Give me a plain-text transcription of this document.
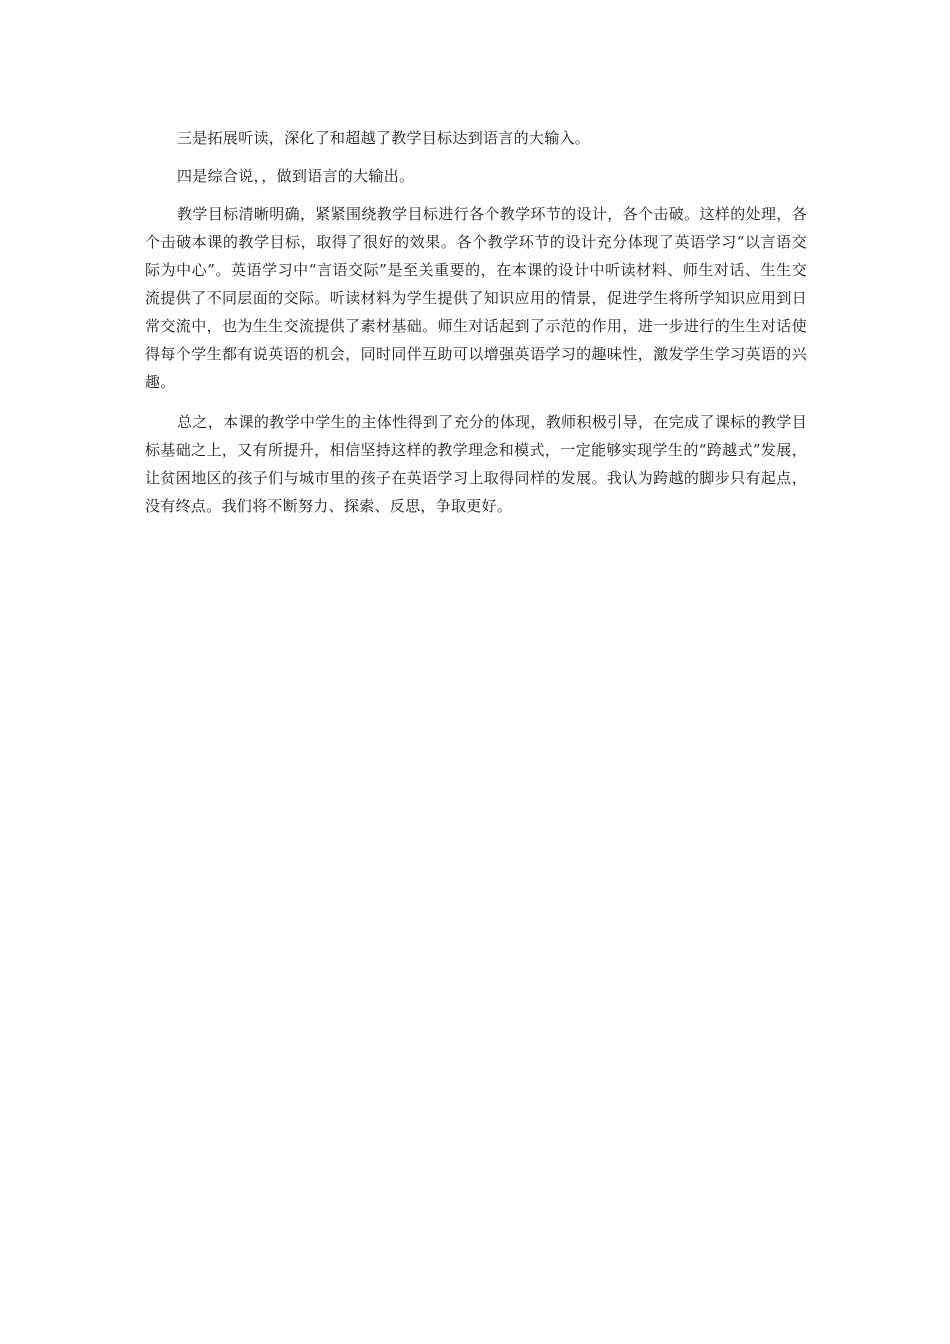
三是拓展听读，深化了和超越了教学目标达到语言的大输入。

四是综合说，，做到语言的大输出。

教学目标清晰明确，紧紧围绕教学目标进行各个教学环节的设计，各个击破。这样的处理，各个击破本课的教学目标，取得了很好的效果。各个教学环节的设计充分体现了英语学习“以言语交际为中心”。英语学习中“言语交际”是至关重要的，在本课的设计中听读材料、师生对话、生生交流提供了不同层面的交际。听读材料为学生提供了知识应用的情景，促进学生将所学知识应用到日常交流中，也为生生交流提供了素材基础。师生对话起到了示范的作用，进一步进行的生生对话使得每个学生都有说英语的机会，同时同伴互助可以增强英语学习的趣味性，激发学生学习英语的兴趣。

总之，本课的教学中学生的主体性得到了充分的体现，教师积极引导，在完成了课标的教学目标基础之上，又有所提升，相信坚持这样的教学理念和模式，一定能够实现学生的“跨越式”发展，让贫困地区的孩子们与城市里的孩子在英语学习上取得同样的发展。我认为跨越的脚步只有起点，没有终点。我们将不断努力、探索、反思，争取更好。
